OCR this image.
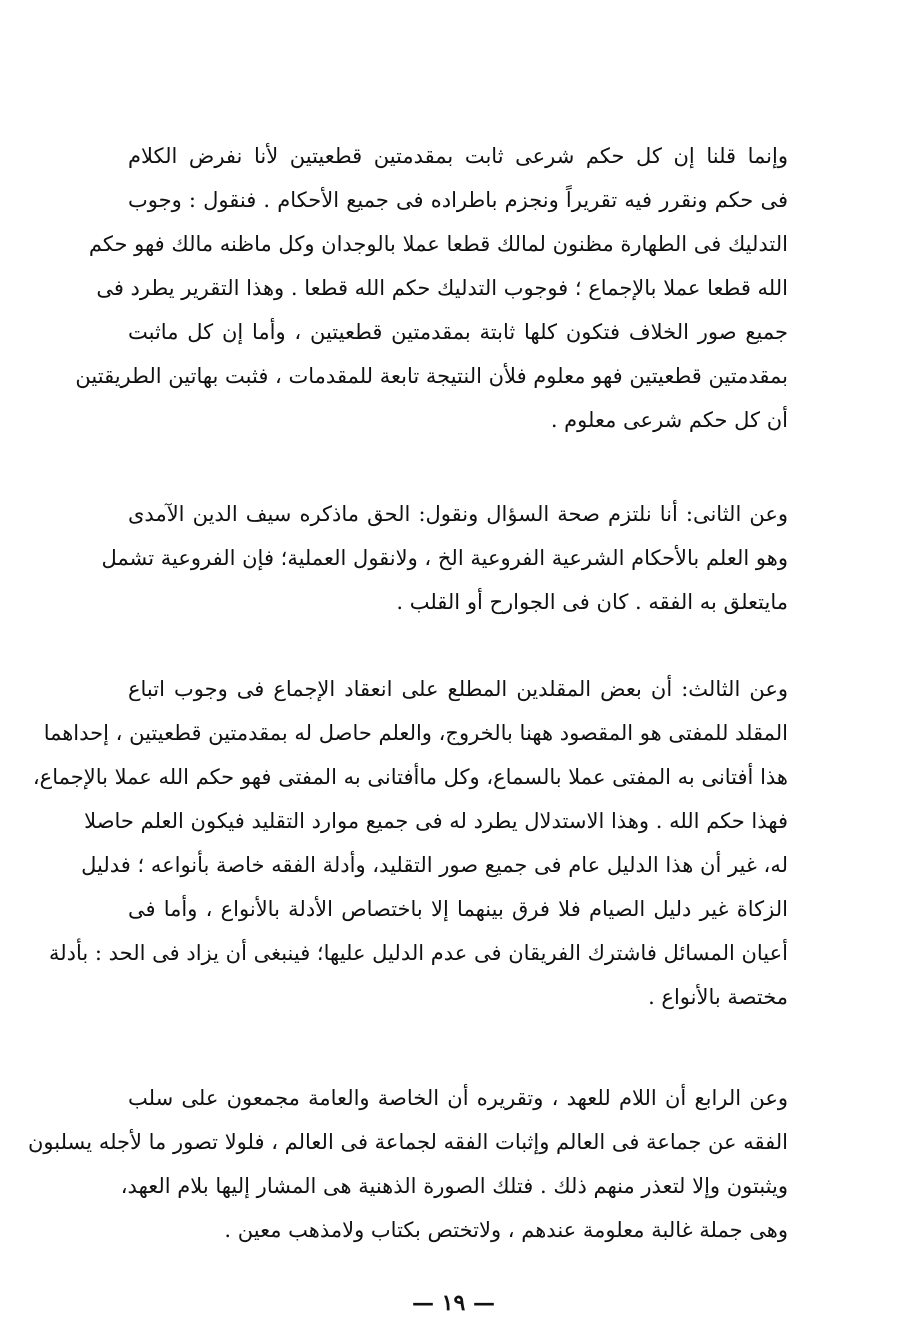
وإنما قلنا إن كل حكم شرعى ثابت بمقدمتين قطعيتين لأنا نفرض الكلام
فى حكم ونقرر فيه تقريراً ونجزم باطراده فى جميع الأحكام . فنقول : وجوب
التدليك فى الطهارة مظنون لمالك قطعا عملا بالوجدان وكل ماظنه مالك فهو حكم
الله قطعا عملا بالإجماع ؛ فوجوب التدليك حكم الله قطعا . وهذا التقرير يطرد فى
جميع صور الخلاف فتكون كلها ثابتة بمقدمتين قطعيتين ، وأما إن كل ماثبت
بمقدمتين قطعيتين فهو معلوم فلأن النتيجة تابعة للمقدمات ، فثبت بهاتين الطريقتين
أن كل حكم شرعى معلوم .
وعن الثانى: أنا نلتزم صحة السؤال ونقول: الحق ماذكره سيف الدين الآمدى
وهو العلم بالأحكام الشرعية الفروعية الخ ، ولانقول العملية؛ فإن الفروعية تشمل
مايتعلق به الفقه . كان فى الجوارح أو القلب .
وعن الثالث: أن بعض المقلدين المطلع على انعقاد الإجماع فى وجوب اتباع
المقلد للمفتى هو المقصود ههنا بالخروج، والعلم حاصل له بمقدمتين قطعيتين ، إحداهما
هذا أفتانى به المفتى عملا بالسماع، وكل ماأفتانى به المفتى فهو حكم الله عملا بالإجماع،
فهذا حكم الله . وهذا الاستدلال يطرد له فى جميع موارد التقليد فيكون العلم حاصلا
له، غير أن هذا الدليل عام فى جميع صور التقليد، وأدلة الفقه خاصة بأنواعه ؛ فدليل
الزكاة غير دليل الصيام فلا فرق بينهما إلا باختصاص الأدلة بالأنواع ، وأما فى
أعيان المسائل فاشترك الفريقان فى عدم الدليل عليها؛ فينبغى أن يزاد فى الحد : بأدلة
مختصة بالأنواع .
وعن الرابع أن اللام للعهد ، وتقريره أن الخاصة والعامة مجمعون على سلب
الفقه عن جماعة فى العالم وإثبات الفقه لجماعة فى العالم ، فلولا تصور ما لأجله يسلبون
ويثبتون وإلا لتعذر منهم ذلك . فتلك الصورة الذهنية هى المشار إليها بلام العهد،
وهى جملة غالبة معلومة عندهم ، ولاتختص بكتاب ولامذهب معين .
— ١٩ —
